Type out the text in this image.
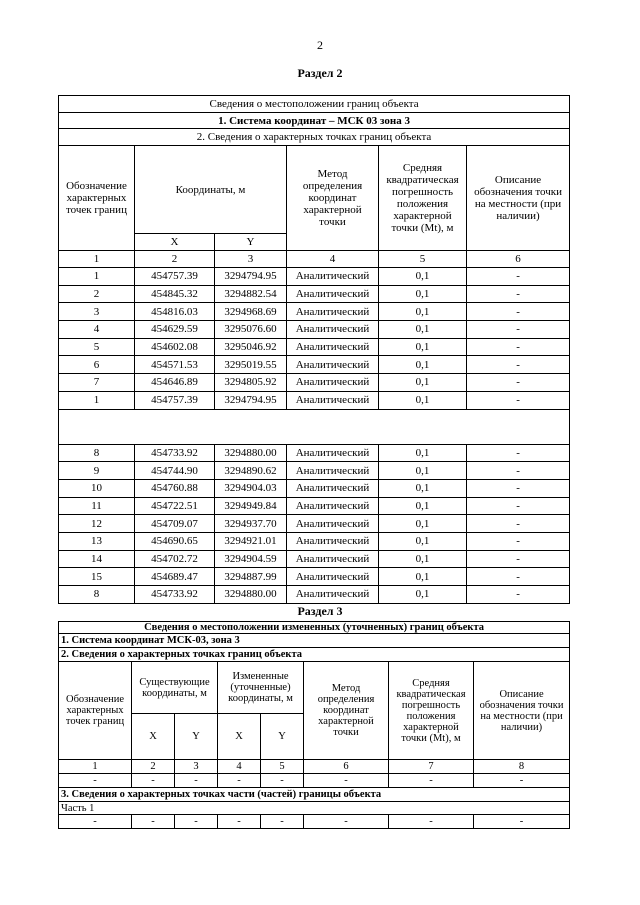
2
Раздел 2
Сведения о местоположении границ объекта					
1. Система координат – МСК 03 зона 3					
2. Сведения о характерных точках границ объекта					
Обозначение характерных точек границ	Координаты, м		Метод определения координат характерной точки	Средняя квадратическая погрешность положения характерной точки (Mt), м	Описание обозначения точки на местности (при наличии)
	X	Y			
1	2	3	4	5	6
1	454757.39	3294794.95	Аналитический	0,1	-
2	454845.32	3294882.54	Аналитический	0,1	-
3	454816.03	3294968.69	Аналитический	0,1	-
4	454629.59	3295076.60	Аналитический	0,1	-
5	454602.08	3295046.92	Аналитический	0,1	-
6	454571.53	3295019.55	Аналитический	0,1	-
7	454646.89	3294805.92	Аналитический	0,1	-
1	454757.39	3294794.95	Аналитический	0,1	-

8	454733.92	3294880.00	Аналитический	0,1	-
9	454744.90	3294890.62	Аналитический	0,1	-
10	454760.88	3294904.03	Аналитический	0,1	-
11	454722.51	3294949.84	Аналитический	0,1	-
12	454709.07	3294937.70	Аналитический	0,1	-
13	454690.65	3294921.01	Аналитический	0,1	-
14	454702.72	3294904.59	Аналитический	0,1	-
15	454689.47	3294887.99	Аналитический	0,1	-
8	454733.92	3294880.00	Аналитический	0,1	-
Раздел 3
Сведения о местоположении измененных (уточненных) границ объекта							
1. Система координат МСК-03, зона 3							
2. Сведения о характерных точках границ объекта							
Обозначение характерных точек границ	Существующие координаты, м		Измененные (уточненные) координаты, м		Метод определения координат характерной точки	Средняя квадратическая погрешность положения характерной точки (Mt), м	Описание обозначения точки на местности (при наличии)
	X	Y	X	Y			
1	2	3	4	5	6	7	8
-	-	-	-	-	-	-	-
3. Сведения о характерных точках части (частей) границы объекта							
Часть 1							
-	-	-	-	-	-	-	-
